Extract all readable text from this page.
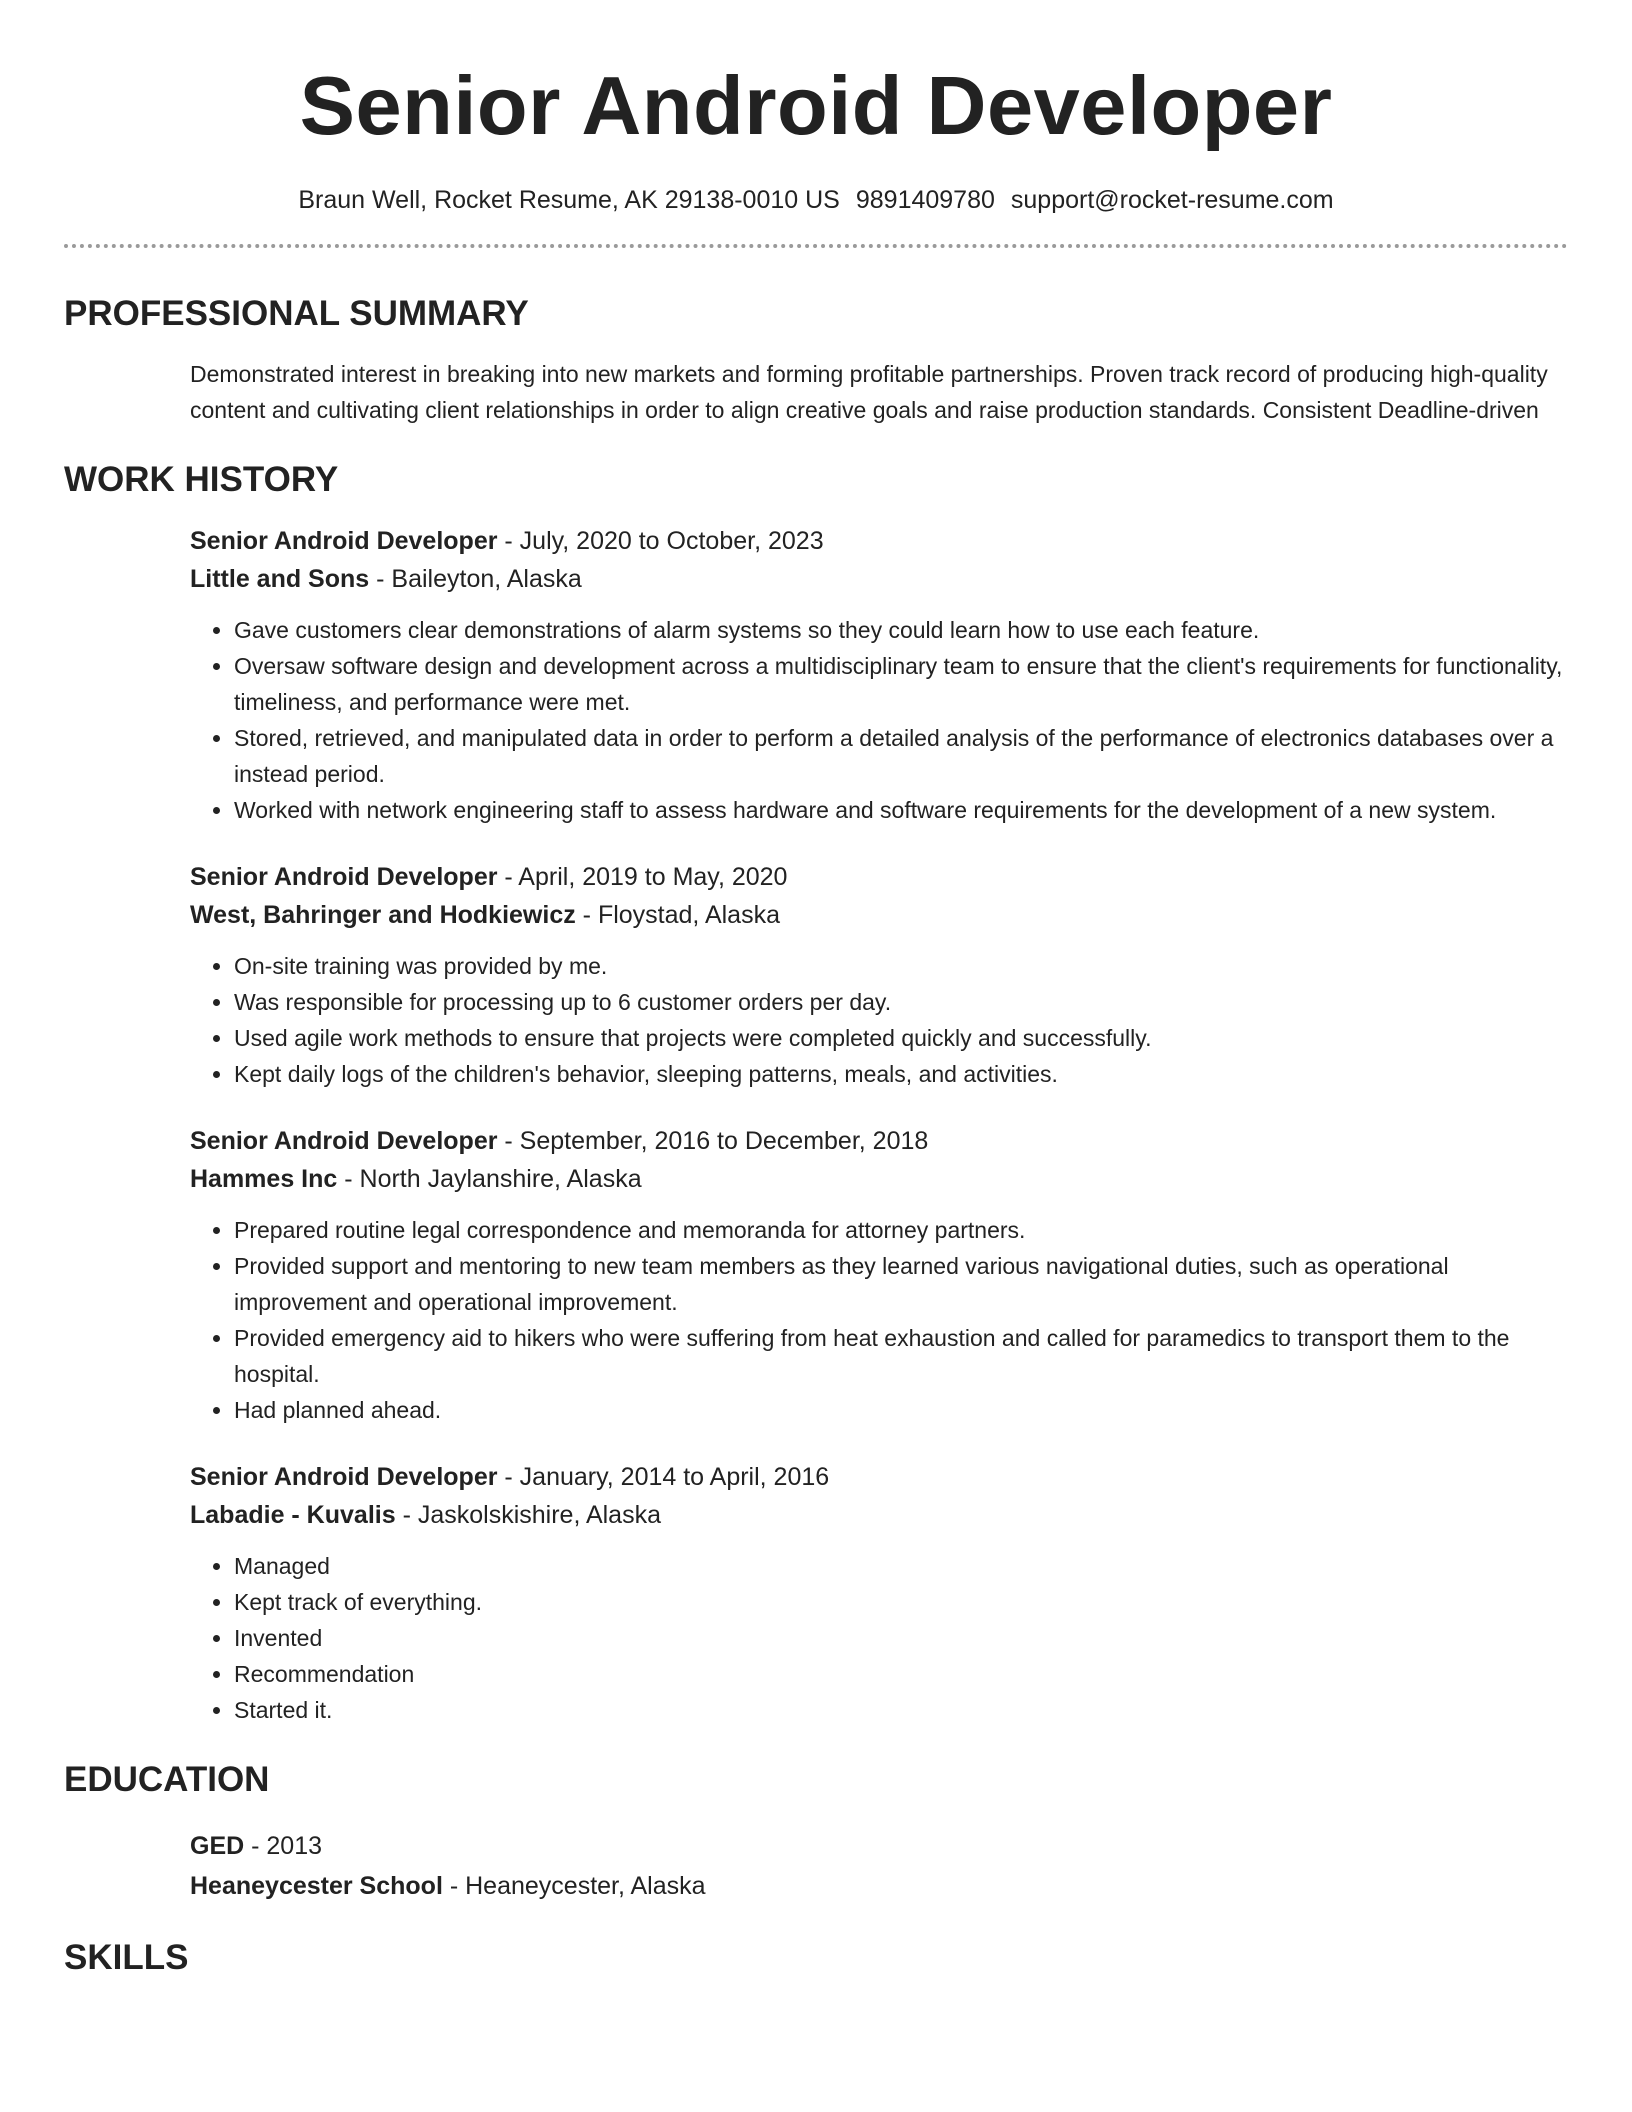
Senior Android Developer
Braun Well, Rocket Resume, AK 29138-0010 US 9891409780 support@rocket-resume.com
PROFESSIONAL SUMMARY
Demonstrated interest in breaking into new markets and forming profitable partnerships. Proven track record of producing high-quality content and cultivating client relationships in order to align creative goals and raise production standards. Consistent Deadline-driven
WORK HISTORY
Senior Android Developer - July, 2020 to October, 2023
Little and Sons - Baileyton, Alaska
• Gave customers clear demonstrations of alarm systems so they could learn how to use each feature.
• Oversaw software design and development across a multidisciplinary team to ensure that the client's requirements for functionality, timeliness, and performance were met.
• Stored, retrieved, and manipulated data in order to perform a detailed analysis of the performance of electronics databases over a instead period.
• Worked with network engineering staff to assess hardware and software requirements for the development of a new system.
Senior Android Developer - April, 2019 to May, 2020
West, Bahringer and Hodkiewicz - Floystad, Alaska
• On-site training was provided by me.
• Was responsible for processing up to 6 customer orders per day.
• Used agile work methods to ensure that projects were completed quickly and successfully.
• Kept daily logs of the children's behavior, sleeping patterns, meals, and activities.
Senior Android Developer - September, 2016 to December, 2018
Hammes Inc - North Jaylanshire, Alaska
• Prepared routine legal correspondence and memoranda for attorney partners.
• Provided support and mentoring to new team members as they learned various navigational duties, such as operational improvement and operational improvement.
• Provided emergency aid to hikers who were suffering from heat exhaustion and called for paramedics to transport them to the hospital.
• Had planned ahead.
Senior Android Developer - January, 2014 to April, 2016
Labadie - Kuvalis - Jaskolskishire, Alaska
• Managed
• Kept track of everything.
• Invented
• Recommendation
• Started it.
EDUCATION
GED - 2013
Heaneycester School - Heaneycester, Alaska
SKILLS
